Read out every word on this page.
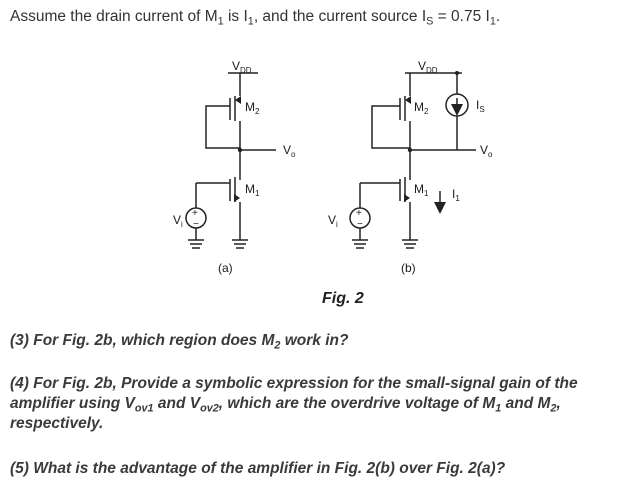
Assume the drain current of $M_1$ is $I_1$, and the current source $I_S = 0.75$ $I_1$.
$V_{DD}$
$M_2$
$V_o$
$M_1$
$V_i$
+
−
(a)
$V_{DD}$
$M_2$	$I_S$
$V_o$
$M_1$ $I_1$
$V_i$
+
−
(b)
Fig. 2
(3) For Fig. 2b, which region does $M_2$ work in?
(4) For Fig. 2b, Provide a symbolic expression for the small-signal gain of the amplifier using $V_{ov1}$ and $V_{ov2}$, which are the overdrive voltage of $M_1$ and $M_2$, respectively.
(5) What is the advantage of the amplifier in Fig. 2(b) over Fig. 2(a)?
